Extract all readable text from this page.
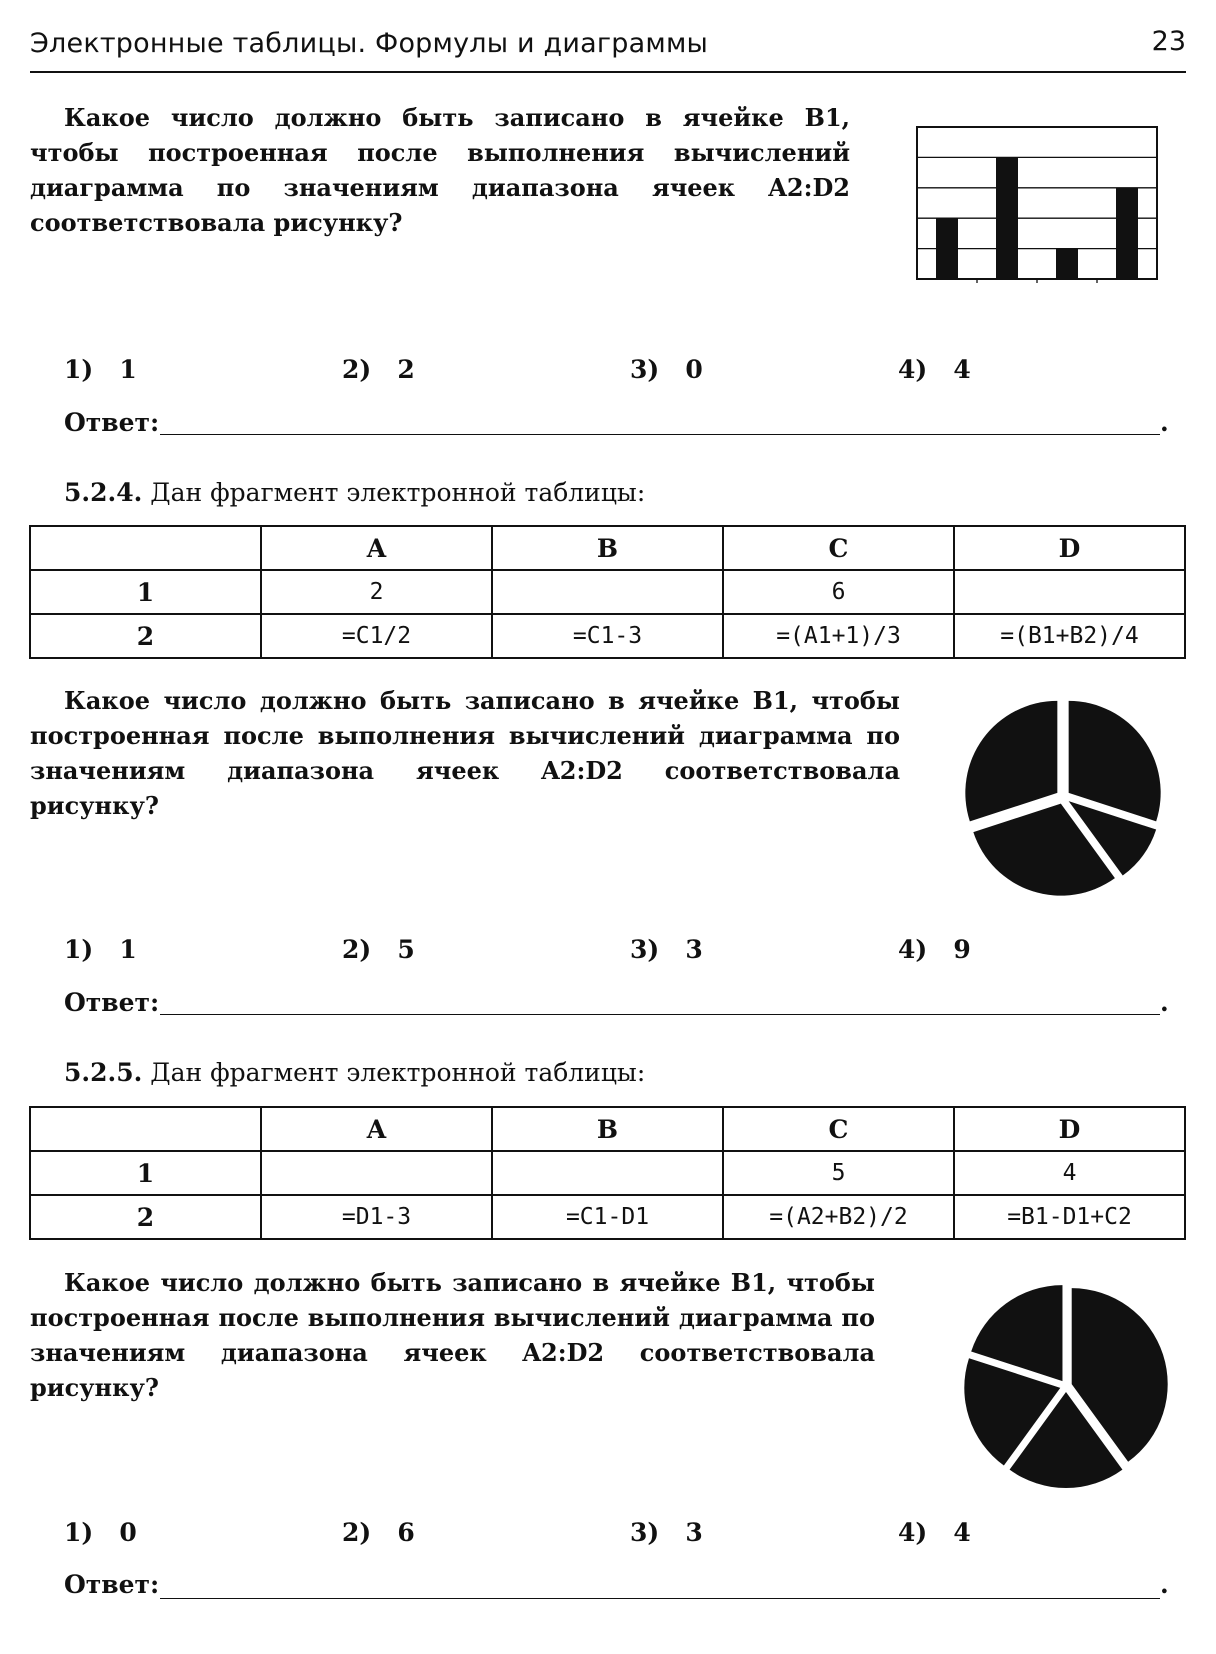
Электронные таблицы. Формулы и диаграммы	23

Какое число должно быть записано в ячейке B1, чтобы построенная после выполнения вычислений диаграмма по значениям диапазона ячеек A2:D2 соответствовала рисунку?

1)   1	2)   2	3)   0	4)   4
Ответ:	.
5.2.4. Дан фрагмент электронной таблицы:
	A	B	C	D
1	2		6	
2	=C1/2	=C1-3	=(A1+1)/3	=(B1+B2)/4

Какое число должно быть записано в ячейке B1, чтобы построенная после выполнения вычислений диаграмма по значениям диапазона ячеек A2:D2 соответствовала рисунку?

1)   1	2)   5	3)   3	4)   9
Ответ:	.
5.2.5. Дан фрагмент электронной таблицы:
	A	B	C	D
1			5	4
2	=D1-3	=C1-D1	=(A2+B2)/2	=B1-D1+C2

Какое число должно быть записано в ячейке B1, чтобы построенная после выполнения вычислений диаграмма по значениям диапазона ячеек A2:D2 соответствовала рисунку?

1)   0	2)   6	3)   3	4)   4
Ответ:	.
